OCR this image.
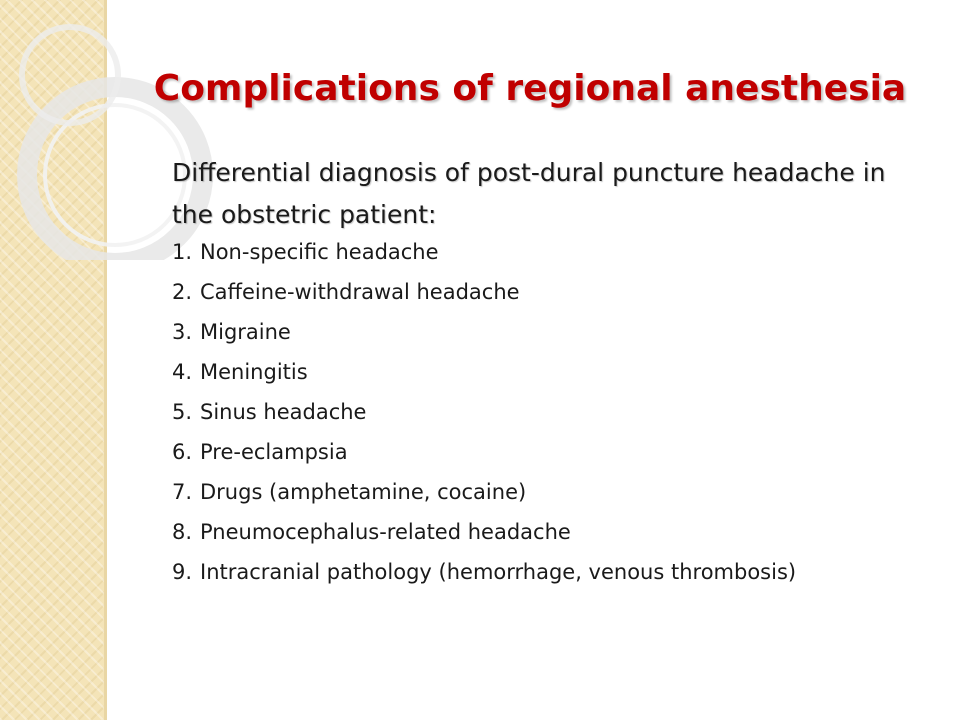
Complications of regional anesthesia
Differential diagnosis of post-dural puncture headache in the obstetric patient:
1. Non-specific headache
2. Caffeine-withdrawal headache
3. Migraine
4. Meningitis
5. Sinus headache
6. Pre-eclampsia
7. Drugs (amphetamine, cocaine)
8. Pneumocephalus-related headache
9. Intracranial pathology (hemorrhage, venous thrombosis)
